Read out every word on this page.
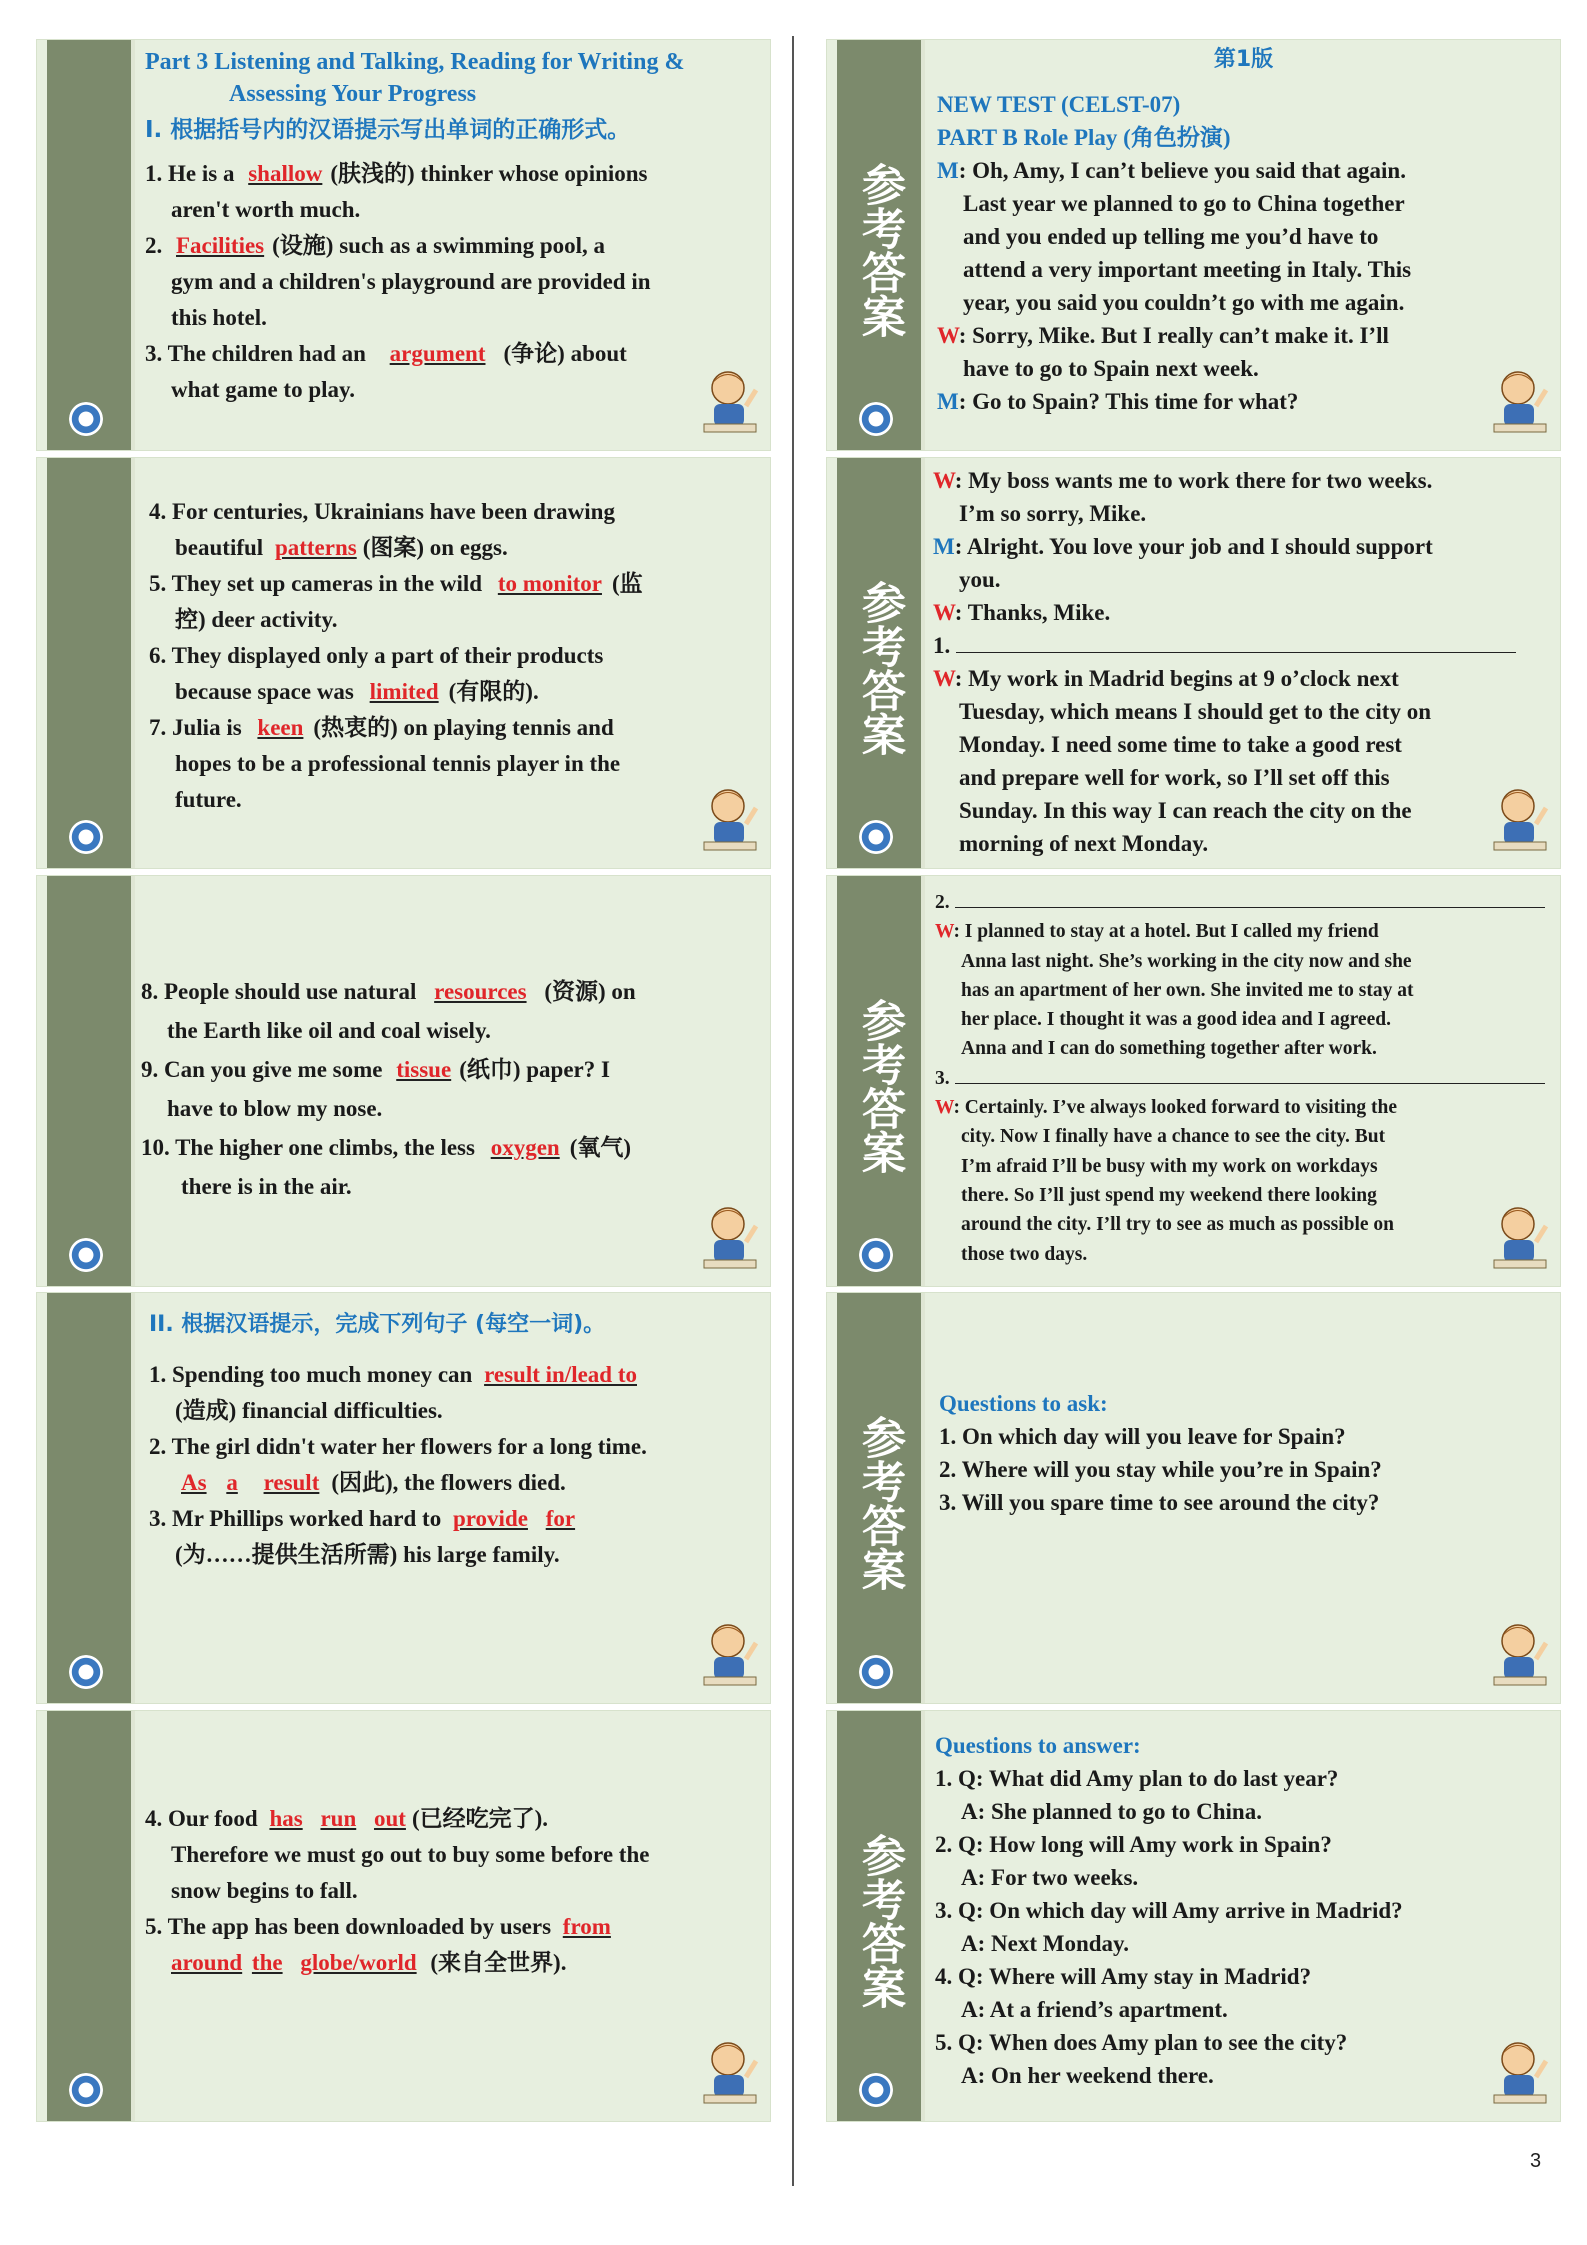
Part 3 Listening and Talking, Reading for Writing &
Assessing Your Progress
I. 根据括号内的汉语提示写出单词的正确形式。
1. He is a shallow (肤浅的) thinker whose opinions
aren't worth much.
2. Facilities (设施) such as a swimming pool, a
gym and a children's playground are provided in
this hotel.
3. The children had an argument (争论) about
what game to play.
4. For centuries, Ukrainians have been drawing
beautiful patterns (图案) on eggs.
5. They set up cameras in the wild to monitor (监
控) deer activity.
6. They displayed only a part of their products
because space was limited (有限的).
7. Julia is keen (热衷的) on playing tennis and
hopes to be a professional tennis player in the
future.
8. People should use natural resources (资源) on
the Earth like oil and coal wisely.
9. Can you give me some tissue (纸巾) paper? I
have to blow my nose.
10. The higher one climbs, the less oxygen (氧气)
there is in the air.
II. 根据汉语提示，完成下列句子 (每空一词)。
1. Spending too much money can result in/lead to
(造成) financial difficulties.
2. The girl didn't water her flowers for a long time.
As a result (因此), the flowers died.
3. Mr Phillips worked hard to provide for
(为……提供生活所需) his large family.
4. Our food has run out (已经吃完了).
Therefore we must go out to buy some before the
snow begins to fall.
5. The app has been downloaded by users from
around the globe/world (来自全世界).
参考答案
第1版
NEW TEST (CELST-07)
PART B Role Play (角色扮演)
M: Oh, Amy, I can’t believe you said that again.
Last year we planned to go to China together
and you ended up telling me you’d have to
attend a very important meeting in Italy. This
year, you said you couldn’t go with me again.
W: Sorry, Mike. But I really can’t make it. I’ll
have to go to Spain next week.
M: Go to Spain? This time for what?
参考答案
W: My boss wants me to work there for two weeks.
I’m so sorry, Mike.
M: Alright. You love your job and I should support
you.
W: Thanks, Mike.
1.
W: My work in Madrid begins at 9 o’clock next
Tuesday, which means I should get to the city on
Monday. I need some time to take a good rest
and prepare well for work, so I’ll set off this
Sunday. In this way I can reach the city on the
morning of next Monday.
参考答案
2.
W: I planned to stay at a hotel. But I called my friend
Anna last night. She’s working in the city now and she
has an apartment of her own. She invited me to stay at
her place. I thought it was a good idea and I agreed.
Anna and I can do something together after work.
3.
W: Certainly. I’ve always looked forward to visiting the
city. Now I finally have a chance to see the city. But
I’m afraid I’ll be busy with my work on workdays
there. So I’ll just spend my weekend there looking
around the city. I’ll try to see as much as possible on
those two days.
参考答案
Questions to ask:
1. On which day will you leave for Spain?
2. Where will you stay while you’re in Spain?
3. Will you spare time to see around the city?
参考答案
Questions to answer:
1. Q: What did Amy plan to do last year?
A: She planned to go to China.
2. Q: How long will Amy work in Spain?
A: For two weeks.
3. Q: On which day will Amy arrive in Madrid?
A: Next Monday.
4. Q: Where will Amy stay in Madrid?
A: At a friend’s apartment.
5. Q: When does Amy plan to see the city?
A: On her weekend there.
3
